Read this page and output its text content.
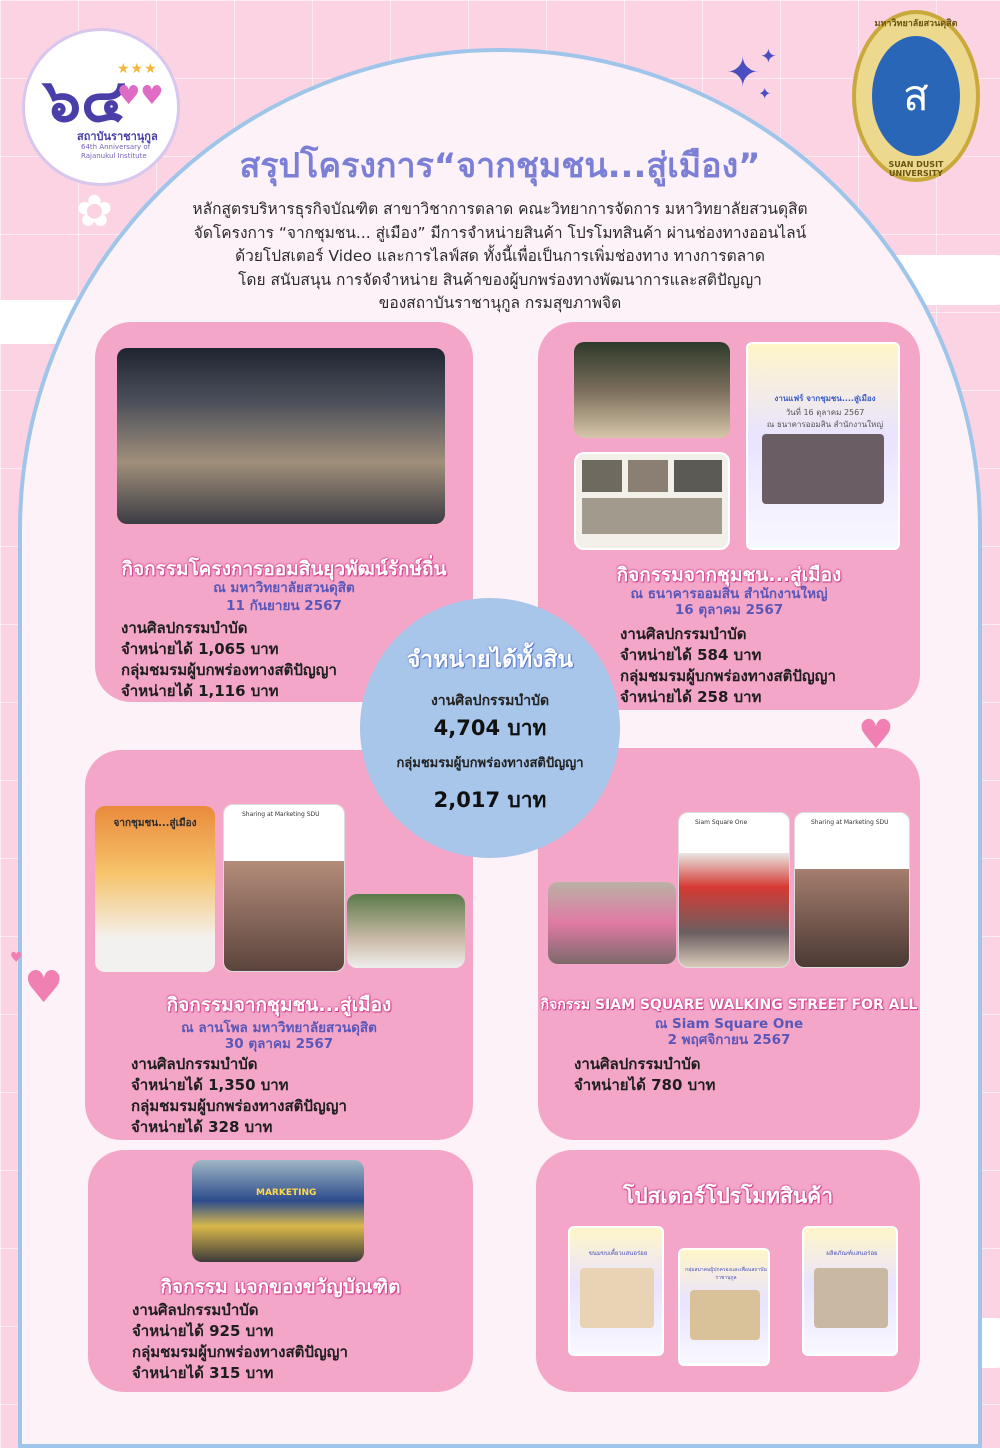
✿
✦ ✦
✦
★★★
๖๔
♥♥
สถาบันราชานุกูล
64th Anniversary of Rajanukul Institute
มหาวิทยาลัยสวนดุสิต
ส
SUAN DUSIT UNIVERSITY
สรุปโครงการ“จากชุมชน...สู่เมือง”
หลักสูตรบริหารธุรกิจบัณฑิต สาขาวิชาการตลาด คณะวิทยาการจัดการ มหาวิทยาลัยสวนดุสิต
จัดโครงการ “จากชุมชน... สู่เมือง” มีการจำหน่ายสินค้า โปรโมทสินค้า ผ่านช่องทางออนไลน์
ด้วยโปสเตอร์ Video และการไลฟ์สด ทั้งนี้เพื่อเป็นการเพิ่มช่องทาง ทางการตลาด
โดย สนับสนุน การจัดจำหน่าย สินค้าของผู้บกพร่องทางพัฒนาการและสติปัญญา
ของสถาบันราชานุกูล กรมสุขภาพจิต
กิจกรรมโครงการออมสินยุวพัฒน์รักษ์ถิ่น
ณ มหาวิทยาลัยสวนดุสิต
11 กันยายน 2567
งานศิลปกรรมบำบัด
จำหน่ายได้ 1,065 บาท
กลุ่มชมรมผู้บกพร่องทางสติปัญญา
จำหน่ายได้ 1,116 บาท
งานแฟร์ จากชุมชน....สู่เมือง
วันที่ 16 ตุลาคม 2567
ณ ธนาคารออมสิน สำนักงานใหญ่
กิจกรรมจากชุมชน...สู่เมือง
ณ ธนาคารออมสิน สำนักงานใหญ่
16 ตุลาคม 2567
งานศิลปกรรมบำบัด
จำหน่ายได้ 584 บาท
กลุ่มชมรมผู้บกพร่องทางสติปัญญา
จำหน่ายได้ 258 บาท
จากชุมชน...สู่เมือง
Sharing at Marketing SDU
กิจกรรมจากชุมชน...สู่เมือง
ณ ลานโพล มหาวิทยาลัยสวนดุสิต
30 ตุลาคม 2567
งานศิลปกรรมบำบัด
จำหน่ายได้ 1,350 บาท
กลุ่มชมรมผู้บกพร่องทางสติปัญญา
จำหน่ายได้ 328 บาท
Siam Square One	Sharing at Marketing SDU
กิจกรรม SIAM SQUARE WALKING STREET FOR ALL
ณ Siam Square One
2 พฤศจิกายน 2567
งานศิลปกรรมบำบัด
จำหน่ายได้ 780 บาท
MARKETING
กิจกรรม แจกของขวัญบัณฑิต
งานศิลปกรรมบำบัด
จำหน่ายได้ 925 บาท
กลุ่มชมรมผู้บกพร่องทางสติปัญญา
จำหน่ายได้ 315 บาท
โปสเตอร์โปรโมทสินค้า
ขนมขบเคี้ยวแสนอร่อย
กลุ่มสมาคมผู้ปกครองและเพื่อนสถาบันราชานุกูล
ผลิตภัณฑ์แสนอร่อย
จำหน่ายได้ทั้งสิน
งานศิลปกรรมบำบัด
4,704 บาท
กลุ่มชมรมผู้บกพร่องทางสติปัญญา
2,017 บาท
♥
♥
♥
